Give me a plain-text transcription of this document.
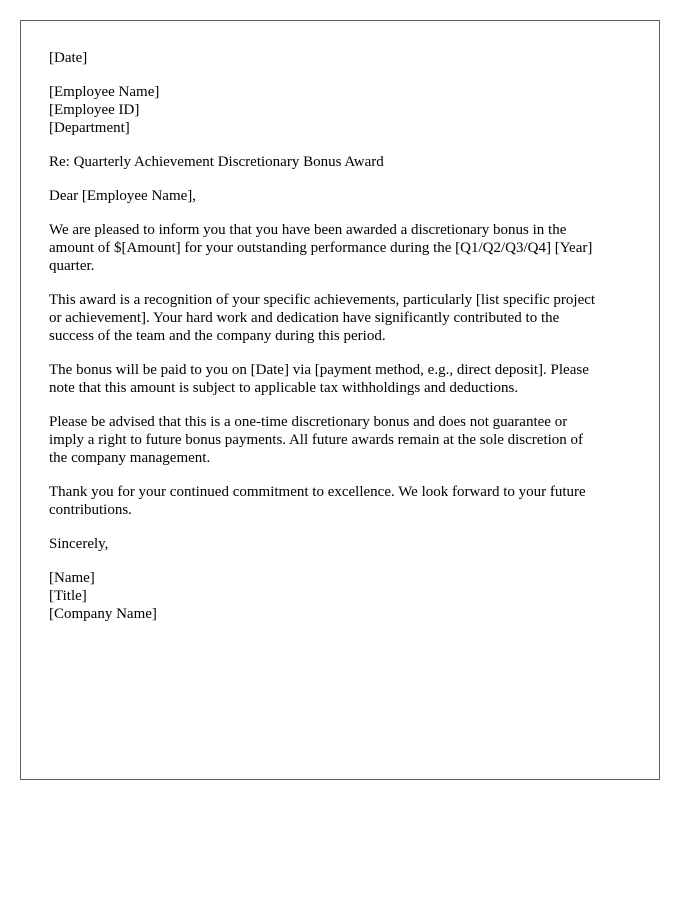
[Date]
[Employee Name]
[Employee ID]
[Department]
Re: Quarterly Achievement Discretionary Bonus Award
Dear [Employee Name],

We are pleased to inform you that you have been awarded a discretionary bonus in the
amount of $[Amount] for your outstanding performance during the [Q1/Q2/Q3/Q4] [Year]
quarter.

This award is a recognition of your specific achievements, particularly [list specific project
or achievement]. Your hard work and dedication have significantly contributed to the
success of the team and the company during this period.

The bonus will be paid to you on [Date] via [payment method, e.g., direct deposit]. Please
note that this amount is subject to applicable tax withholdings and deductions.

Please be advised that this is a one-time discretionary bonus and does not guarantee or
imply a right to future bonus payments. All future awards remain at the sole discretion of
the company management.

Thank you for your continued commitment to excellence. We look forward to your future
contributions.

Sincerely,
[Name]
[Title]
[Company Name]
